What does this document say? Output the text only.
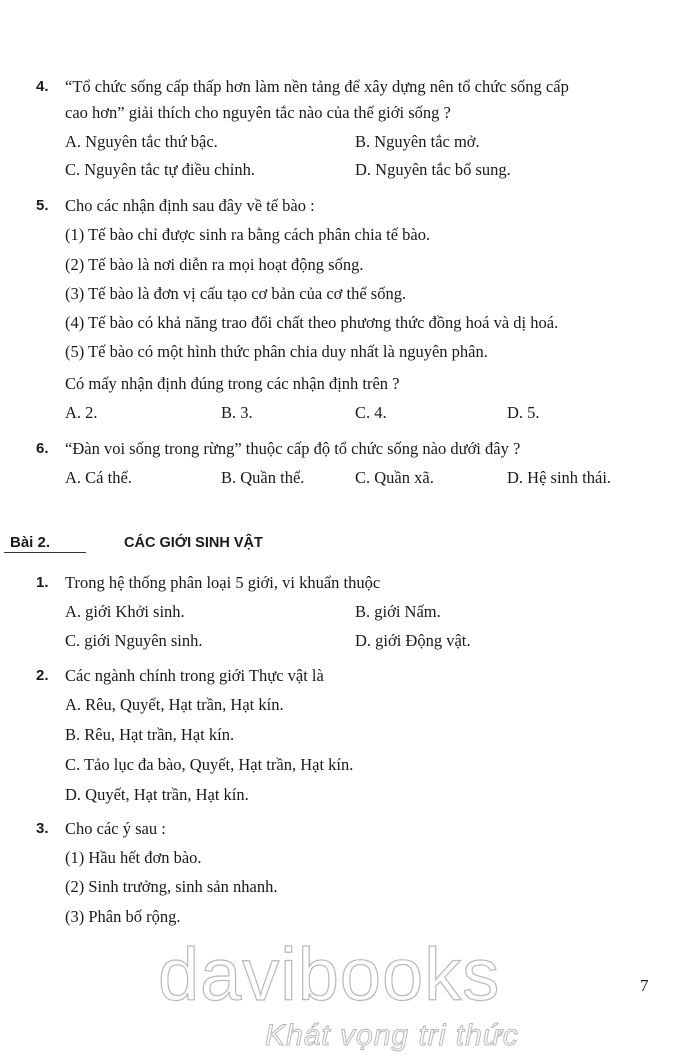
4. “Tổ chức sống cấp thấp hơn làm nền tảng để xây dựng nên tổ chức sống cấp
cao hơn” giải thích cho nguyên tắc nào của thế giới sống ?
A. Nguyên tắc thứ bậc.	B. Nguyên tắc mở.
C. Nguyên tắc tự điều chỉnh.	D. Nguyên tắc bổ sung.
5. Cho các nhận định sau đây về tế bào :
(1) Tế bào chỉ được sinh ra bằng cách phân chia tế bào.
(2) Tế bào là nơi diễn ra mọi hoạt động sống.
(3) Tế bào là đơn vị cấu tạo cơ bản của cơ thể sống.
(4) Tế bào có khả năng trao đổi chất theo phương thức đồng hoá và dị hoá.
(5) Tế bào có một hình thức phân chia duy nhất là nguyên phân.
Có mấy nhận định đúng trong các nhận định trên ?
A. 2.	B. 3.	C. 4.	D. 5.
6. “Đàn voi sống trong rừng” thuộc cấp độ tổ chức sống nào dưới đây ?
A. Cá thể.	B. Quần thể.	C. Quần xã.	D. Hệ sinh thái.
Bài 2.	CÁC GIỚI SINH VẬT
1. Trong hệ thống phân loại 5 giới, vi khuẩn thuộc
A. giới Khởi sinh.	B. giới Nấm.
C. giới Nguyên sinh.	D. giới Động vật.
2. Các ngành chính trong giới Thực vật là
A. Rêu, Quyết, Hạt trần, Hạt kín.
B. Rêu, Hạt trần, Hạt kín.
C. Tảo lục đa bào, Quyết, Hạt trần, Hạt kín.
D. Quyết, Hạt trần, Hạt kín.
3. Cho các ý sau :
(1) Hầu hết đơn bào.
(2) Sinh trưởng, sinh sản nhanh.
(3) Phân bố rộng.
davibooks
Khát vọng tri thức
7
